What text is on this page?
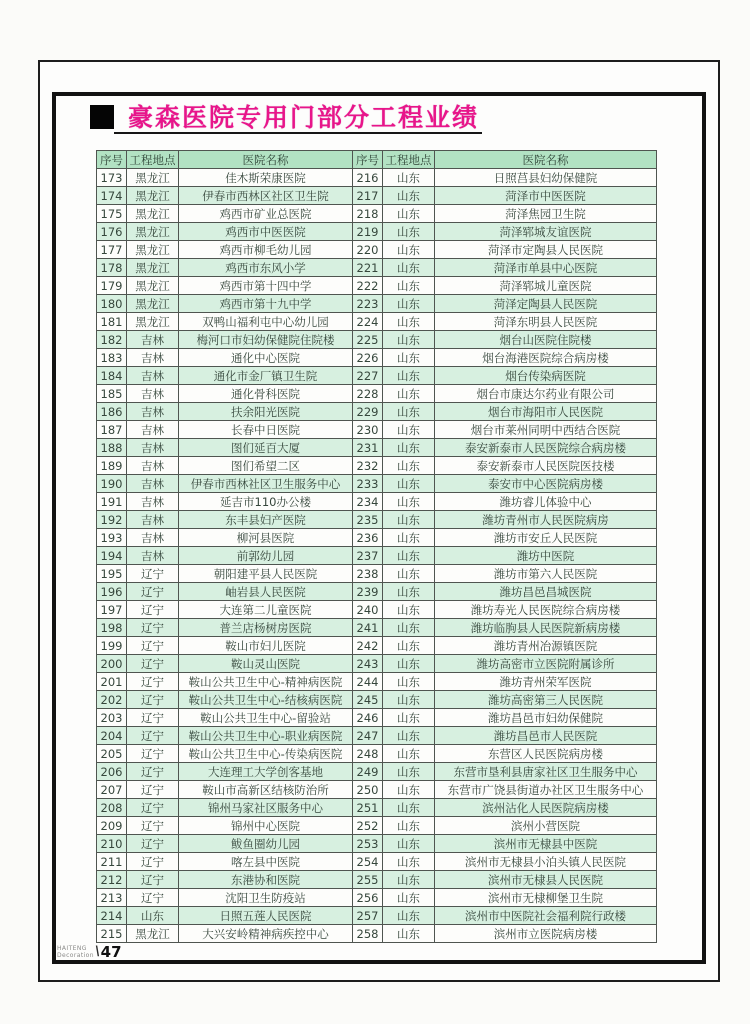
豪森医院专用门部分工程业绩
序号	工程地点	医院名称	序号	工程地点	医院名称
173	黑龙江	佳木斯荣康医院	216	山东	日照莒县妇幼保健院
174	黑龙江	伊春市西林区社区卫生院	217	山东	菏泽市中医医院
175	黑龙江	鸡西市矿业总医院	218	山东	菏泽焦园卫生院
176	黑龙江	鸡西市中医医院	219	山东	菏泽郓城友谊医院
177	黑龙江	鸡西市柳毛幼儿园	220	山东	菏泽市定陶县人民医院
178	黑龙江	鸡西市东风小学	221	山东	菏泽市单县中心医院
179	黑龙江	鸡西市第十四中学	222	山东	菏泽郓城儿童医院
180	黑龙江	鸡西市第十九中学	223	山东	菏泽定陶县人民医院
181	黑龙江	双鸭山福利屯中心幼儿园	224	山东	菏泽东明县人民医院
182	吉林	梅河口市妇幼保健院住院楼	225	山东	烟台山医院住院楼
183	吉林	通化中心医院	226	山东	烟台海港医院综合病房楼
184	吉林	通化市金厂镇卫生院	227	山东	烟台传染病医院
185	吉林	通化骨科医院	228	山东	烟台市康达尔药业有限公司
186	吉林	扶余阳光医院	229	山东	烟台市海阳市人民医院
187	吉林	长春中日医院	230	山东	烟台市莱州同明中西结合医院
188	吉林	图们延百大厦	231	山东	泰安新泰市人民医院综合病房楼
189	吉林	图们希望二区	232	山东	泰安新泰市人民医院医技楼
190	吉林	伊春市西林社区卫生服务中心	233	山东	泰安市中心医院病房楼
191	吉林	延吉市110办公楼	234	山东	潍坊睿儿体验中心
192	吉林	东丰县妇产医院	235	山东	潍坊青州市人民医院病房
193	吉林	柳河县医院	236	山东	潍坊市安丘人民医院
194	吉林	前郭幼儿园	237	山东	潍坊中医院
195	辽宁	朝阳建平县人民医院	238	山东	潍坊市第六人民医院
196	辽宁	岫岩县人民医院	239	山东	潍坊昌邑昌城医院
197	辽宁	大连第二儿童医院	240	山东	潍坊寿光人民医院综合病房楼
198	辽宁	普兰店杨树房医院	241	山东	潍坊临朐县人民医院新病房楼
199	辽宁	鞍山市妇儿医院	242	山东	潍坊青州冶源镇医院
200	辽宁	鞍山灵山医院	243	山东	潍坊高密市立医院附属诊所
201	辽宁	鞍山公共卫生中心-精神病医院	244	山东	潍坊青州荣军医院
202	辽宁	鞍山公共卫生中心-结核病医院	245	山东	潍坊高密第三人民医院
203	辽宁	鞍山公共卫生中心-留验站	246	山东	潍坊昌邑市妇幼保健院
204	辽宁	鞍山公共卫生中心-职业病医院	247	山东	潍坊昌邑市人民医院
205	辽宁	鞍山公共卫生中心-传染病医院	248	山东	东营区人民医院病房楼
206	辽宁	大连理工大学创客基地	249	山东	东营市垦利县唐家社区卫生服务中心
207	辽宁	鞍山市高新区结核防治所	250	山东	东营市广饶县街道办社区卫生服务中心
208	辽宁	锦州马家社区服务中心	251	山东	滨州沾化人民医院病房楼
209	辽宁	锦州中心医院	252	山东	滨州小营医院
210	辽宁	鲅鱼圈幼儿园	253	山东	滨州市无棣县中医院
211	辽宁	喀左县中医院	254	山东	滨州市无棣县小泊头镇人民医院
212	辽宁	东港协和医院	255	山东	滨州市无棣县人民医院
213	辽宁	沈阳卫生防疫站	256	山东	滨州市无棣柳堡卫生院
214	山东	日照五莲人民医院	257	山东	滨州市中医院社会福利院行政楼
215	黑龙江	大兴安岭精神病疾控中心	258	山东	滨州市立医院病房楼
HAITENG
Decoration \ 47
